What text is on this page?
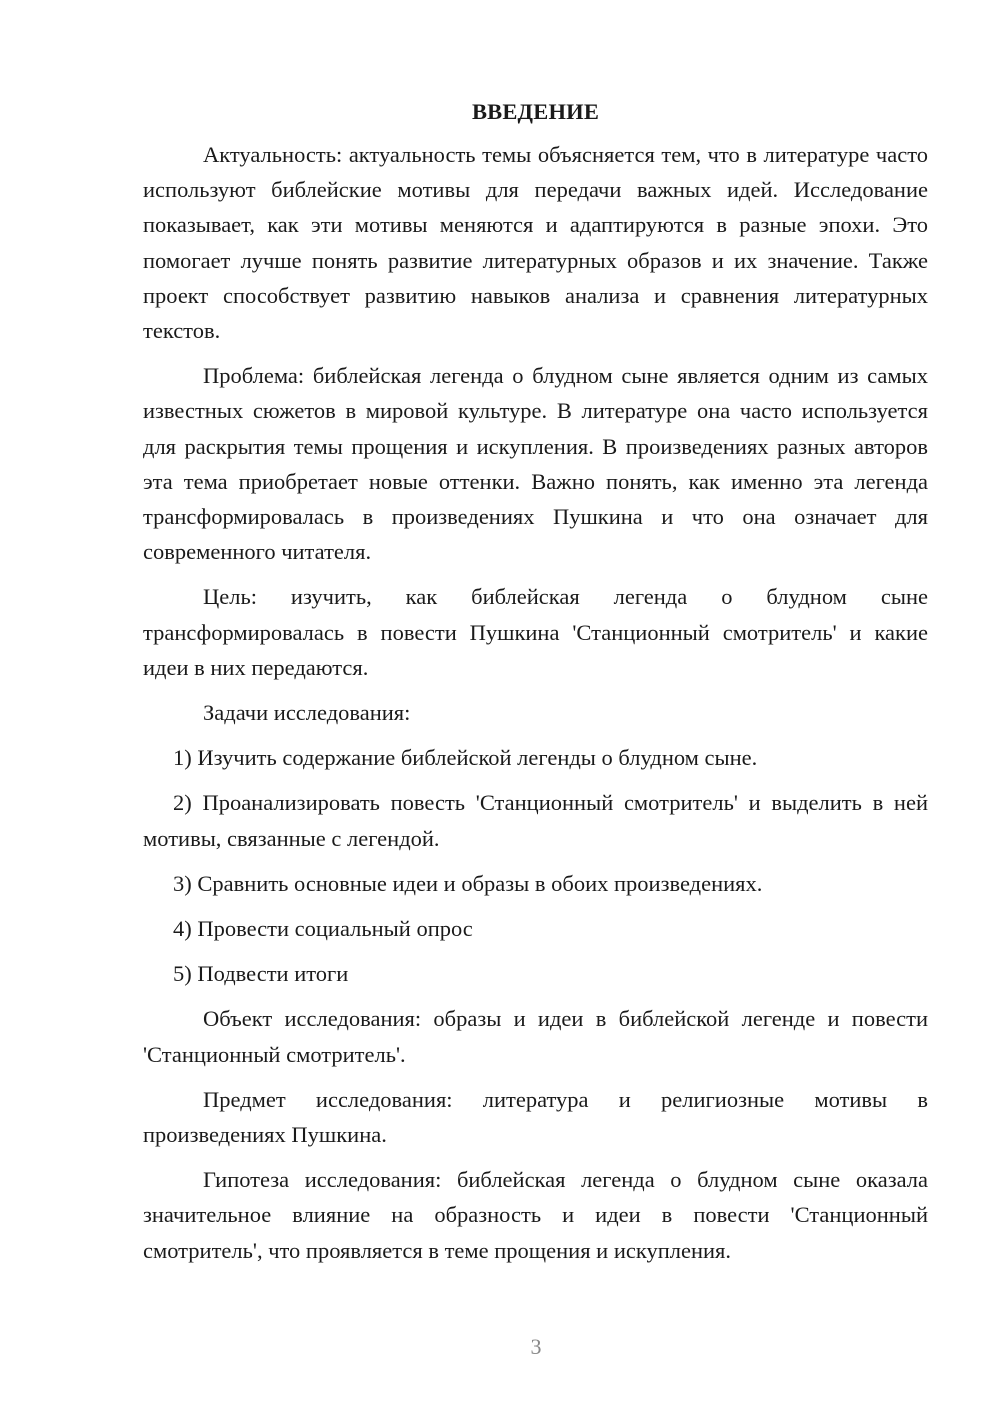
ВВЕДЕНИЕ

Актуальность: актуальность темы объясняется тем, что в литературе часто используют библейские мотивы для передачи важных идей. Исследование показывает, как эти мотивы меняются и адаптируются в разные эпохи. Это помогает лучше понять развитие литературных образов и их значение. Также проект способствует развитию навыков анализа и сравнения литературных текстов.

Проблема: библейская легенда о блудном сыне является одним из самых известных сюжетов в мировой культуре. В литературе она часто используется для раскрытия темы прощения и искупления. В произведениях разных авторов эта тема приобретает новые оттенки. Важно понять, как именно эта легенда трансформировалась в произведениях Пушкина и что она означает для современного читателя.

Цель: изучить, как библейская легенда о блудном сыне трансформировалась в повести Пушкина 'Станционный смотритель' и какие идеи в них передаются.

Задачи исследования:

1) Изучить содержание библейской легенды о блудном сыне.

2) Проанализировать повесть 'Станционный смотритель' и выделить в ней мотивы, связанные с легендой.

3) Сравнить основные идеи и образы в обоих произведениях.

4) Провести социальный опрос

5) Подвести итоги

Объект исследования: образы и идеи в библейской легенде и повести 'Станционный смотритель'.

Предмет исследования: литература и религиозные мотивы в произведениях Пушкина.

Гипотеза исследования: библейская легенда о блудном сыне оказала значительное влияние на образность и идеи в повести 'Станционный смотритель', что проявляется в теме прощения и искупления.

3
